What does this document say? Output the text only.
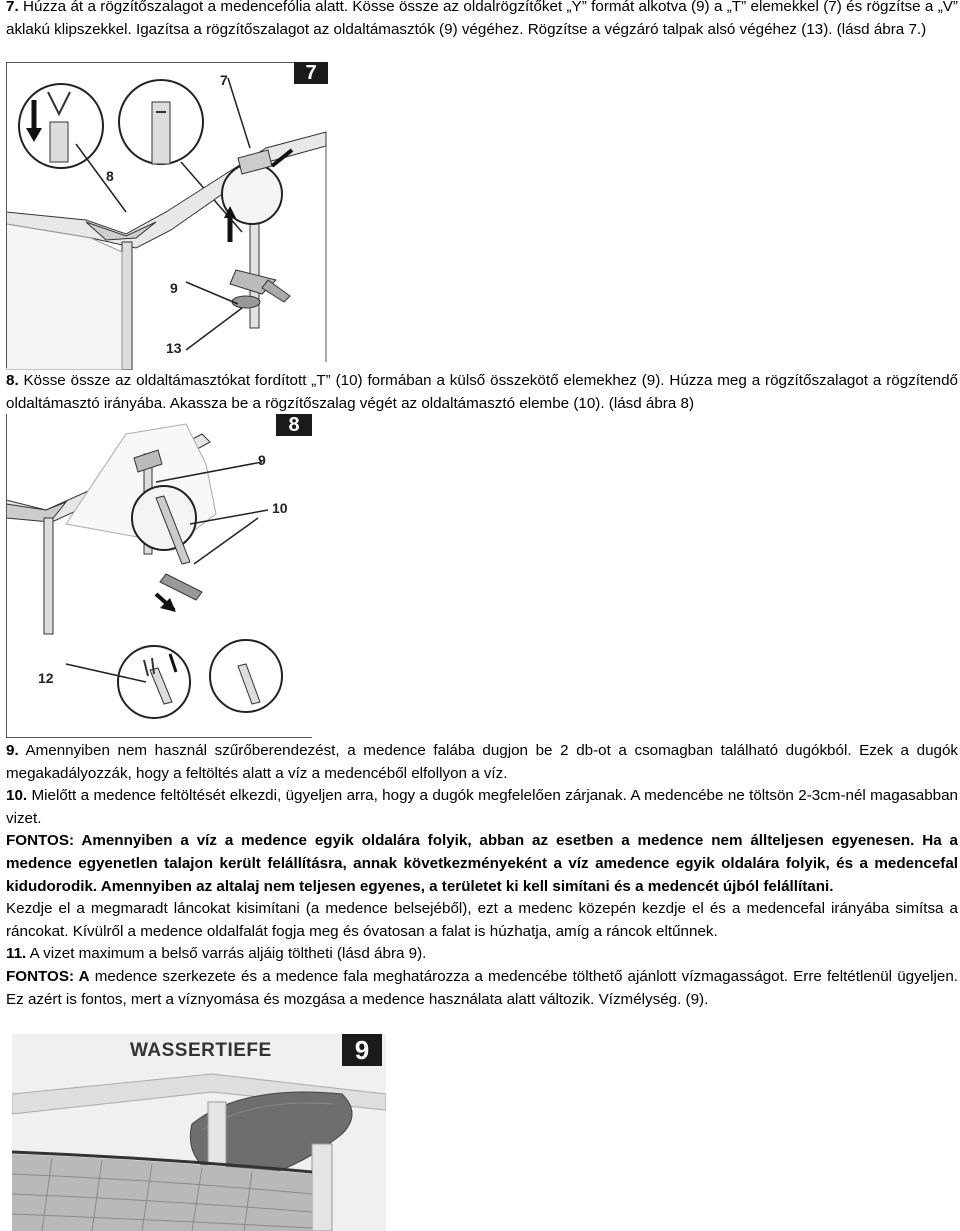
7. Húzza át a rögzítőszalagot a medencefólia alatt. Kösse össze az oldalrögzítőket „Y” formát alkotva (9) a „T” elemekkel (7) és rögzítse a „V” aklakú klipszekkel. Igazítsa a rögzítőszalagot az oldaltámasztók (9) végéhez. Rögzítse a végzáró talpak alsó végéhez (13). (lásd ábra 7.)

7
7
8
9
13

8. Kösse össze az oldaltámasztókat fordított „T” (10) formában a külső összekötő elemekhez (9). Húzza meg a rögzítőszalagot a rögzítendő oldaltámasztó irányába. Akassza be a rögzítőszalag végét az oldaltámasztó elembe (10). (lásd ábra 8)

8
9
10
12

9. Amennyiben nem használ szűrőberendezést, a medence falába dugjon be 2 db-ot a csomagban található dugókból. Ezek a dugók megakadályozzák, hogy a feltöltés alatt a víz a medencéből elfollyon a víz.

10. Mielőtt a medence feltöltését elkezdi, ügyeljen arra, hogy a dugók megfelelően zárjanak. A medencébe ne töltsön 2-3cm-nél magasabban vizet.

FONTOS: Amennyiben a víz a medence egyik oldalára folyik, abban az esetben a medence nem állteljesen egyenesen. Ha a medence egyenetlen talajon került felállításra, annak következményeként a víz amedence egyik oldalára folyik, és a medencefal kidudorodik. Amennyiben az altalaj nem teljesen egyenes, a területet ki kell simítani és a medencét újból felállítani.

Kezdje el a megmaradt láncokat kisimítani (a medence belsejéből), ezt a medenc közepén kezdje el és a medencefal irányába simítsa a ráncokat. Kívülről a medence oldalfalát fogja meg és óvatosan a falat is húzhatja, amíg a ráncok eltűnnek.

11. A vizet maximum a belső varrás aljáig töltheti (lásd ábra 9).

FONTOS: A medence szerkezete és a medence fala meghatározza a medencébe tölthető ajánlott vízmagasságot. Erre feltétlenül ügyeljen. Ez azért is fontos, mert a víznyomása és mozgása a medence használata alatt változik. Vízmélység. (9).

WASSERTIEFE	9
